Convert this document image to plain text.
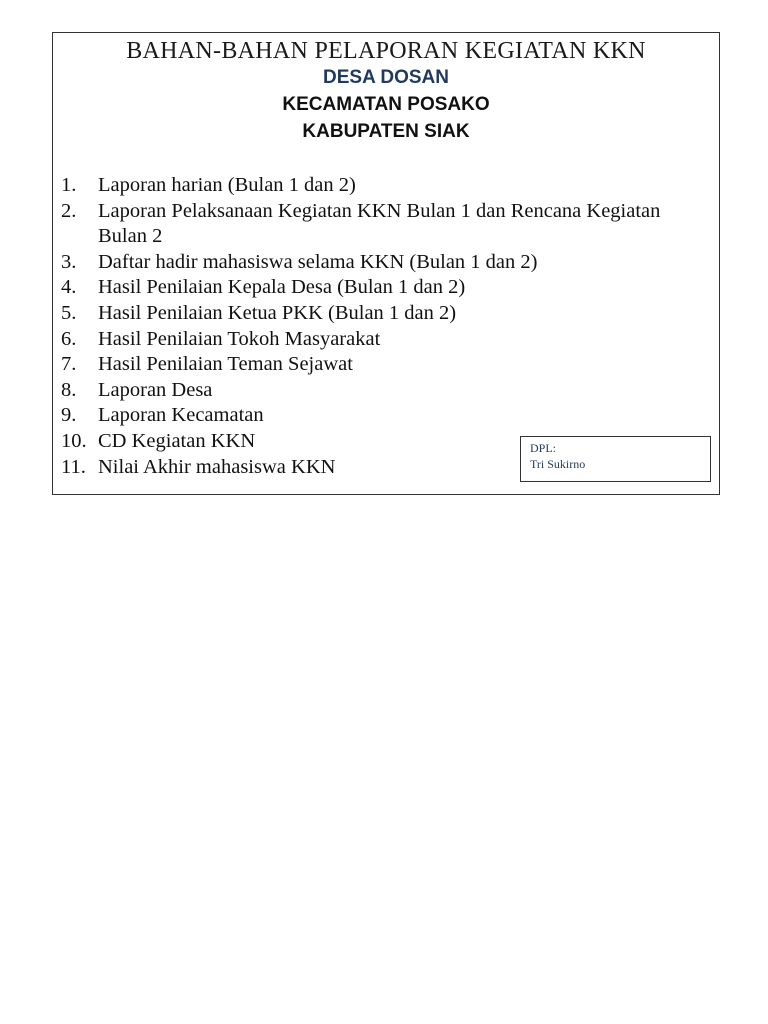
BAHAN-BAHAN PELAPORAN KEGIATAN KKN
DESA DOSAN
KECAMATAN POSAKO
KABUPATEN SIAK
1.	Laporan harian (Bulan 1 dan 2)
2.	Laporan Pelaksanaan Kegiatan KKN Bulan 1 dan Rencana Kegiatan Bulan 2
3.	Daftar hadir mahasiswa selama KKN (Bulan 1 dan 2)
4.	Hasil Penilaian Kepala Desa (Bulan 1 dan 2)
5.	Hasil Penilaian Ketua PKK (Bulan 1 dan 2)
6.	Hasil Penilaian Tokoh Masyarakat
7.	Hasil Penilaian Teman Sejawat
8.	Laporan Desa
9.	Laporan Kecamatan
10. CD Kegiatan KKN
11. Nilai Akhir mahasiswa KKN
DPL:
Tri Sukirno
